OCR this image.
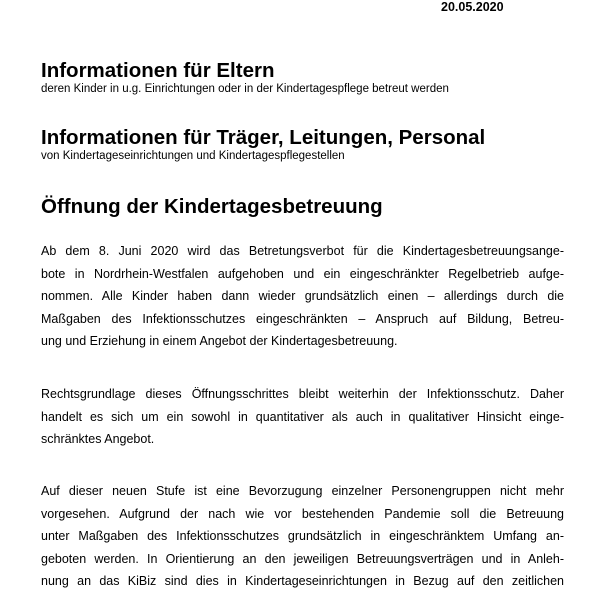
20.05.2020

Informationen für Eltern

deren Kinder in u.g. Einrichtungen oder in der Kindertagespflege betreut werden

Informationen für Träger, Leitungen, Personal

von Kindertageseinrichtungen und Kindertagespflegestellen

Öffnung der Kindertagesbetreuung
Ab dem 8. Juni 2020 wird das Betretungsverbot für die Kindertagesbetreuungsange-
bote in Nordrhein-Westfalen aufgehoben und ein eingeschränkter Regelbetrieb aufge-
nommen. Alle Kinder haben dann wieder grundsätzlich einen – allerdings durch die
Maßgaben des Infektionsschutzes eingeschränkten – Anspruch auf Bildung, Betreu-
ung und Erziehung in einem Angebot der Kindertagesbetreuung.
Rechtsgrundlage dieses Öffnungsschrittes bleibt weiterhin der Infektionsschutz. Daher
handelt es sich um ein sowohl in quantitativer als auch in qualitativer Hinsicht einge-
schränktes Angebot.
Auf dieser neuen Stufe ist eine Bevorzugung einzelner Personengruppen nicht mehr
vorgesehen. Aufgrund der nach wie vor bestehenden Pandemie soll die Betreuung
unter Maßgaben des Infektionsschutzes grundsätzlich in eingeschränktem Umfang an-
geboten werden. In Orientierung an den jeweiligen Betreuungsverträgen und in Anleh-
nung an das KiBiz sind dies in Kindertageseinrichtungen in Bezug auf den zeitlichen
